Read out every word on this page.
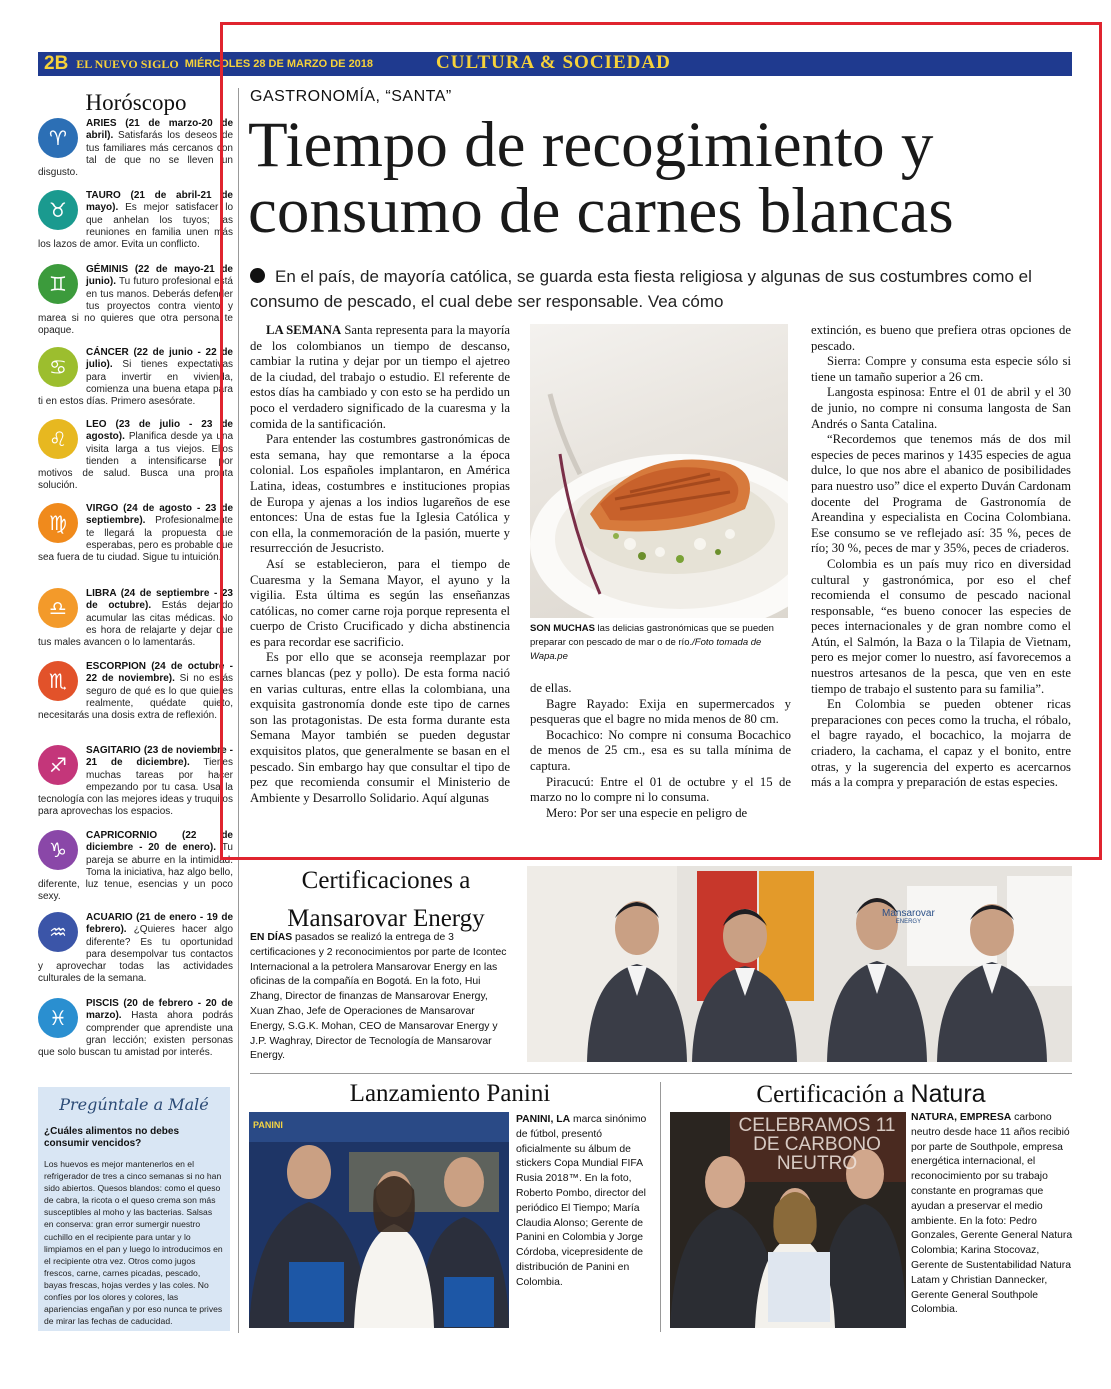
2B EL NUEVO SIGLO MIÉRCOLES 28 DE MARZO DE 2018	CULTURA & SOCIEDAD
Horóscopo
♈
ARIES (21 de marzo-20 de abril). Satisfarás los deseos de tus familiares más cercanos con tal de que no se lleven un disgusto.
♉
TAURO (21 de abril-21 de mayo). Es mejor satisfacer lo que anhelan los tuyos; las reuniones en familia unen más los lazos de amor. Evita un conflicto.
♊
GÉMINIS (22 de mayo-21 de junio). Tu futuro profesional está en tus manos. Deberás defender tus proyectos contra viento y marea si no quieres que otra persona te opaque.
♋
CÁNCER (22 de junio - 22 de julio). Si tienes expectativas para invertir en vivienda, comienza una buena etapa para ti en estos días. Primero asesórate.
♌
LEO (23 de julio - 23 de agosto). Planifica desde ya una visita larga a tus viejos. Ellos tienden a intensificarse por motivos de salud. Busca una pronta solución.
♍
VIRGO (24 de agosto - 23 de septiembre). Profesionalmente te llegará la propuesta que esperabas, pero es probable que sea fuera de tu ciudad. Sigue tu intuición.
♎
LIBRA (24 de septiembre - 23 de octubre). Estás dejando acumular las citas médicas. No es hora de relajarte y dejar que tus males avancen o lo lamentarás.
♏
ESCORPION (24 de octubre - 22 de noviembre). Si no estás seguro de qué es lo que quieres realmente, quédate quieto, necesitarás una dosis extra de reflexión.
♐
SAGITARIO (23 de noviembre - 21 de diciembre). Tienes muchas tareas por hacer empezando por tu casa. Usa la tecnología con las mejores ideas y truquitos para aprovechas los espacios.
♑
CAPRICORNIO (22 de diciembre - 20 de enero). Tu pareja se aburre en la intimidad. Toma la iniciativa, haz algo bello, diferente, luz tenue, esencias y un poco sexy.
♒
ACUARIO (21 de enero - 19 de febrero). ¿Quieres hacer algo diferente? Es tu oportunidad para desempolvar tus contactos y aprovechar todas las actividades culturales de la semana.
♓
PISCIS (20 de febrero - 20 de marzo). Hasta ahora podrás comprender que aprendiste una gran lección; existen personas que solo buscan tu amistad por interés.
Pregúntale a Malé
¿Cuáles alimentos no debes consumir vencidos?
Los huevos es mejor mantenerlos en el refrigerador de tres a cinco semanas si no han sido abiertos. Quesos blandos: como el queso de cabra, la ricota o el queso crema son más susceptibles al moho y las bacterias. Salsas en conserva: gran error sumergir nuestro cuchillo en el recipiente para untar y lo limpiamos en el pan y luego lo introducimos en el recipiente otra vez. Otros como jugos frescos, carne, carnes picadas, pescado, bayas frescas, hojas verdes y las coles. No confíes por los olores y colores, las apariencias engañan y por eso nunca te prives de mirar las fechas de caducidad.
GASTRONOMÍA, “SANTA”
Tiempo de recogimiento y
consumo de carnes blancas
En el país, de mayoría católica, se guarda esta fiesta religiosa y algunas de sus costumbres como el consumo de pescado, el cual debe ser responsable. Vea cómo

LA SEMANA Santa representa para la mayoría de los colombianos un tiempo de descanso, cambiar la rutina y dejar por un tiempo el ajetreo de la ciudad, del trabajo o estudio. El referente de estos días ha cambiado y con esto se ha perdido un poco el verdadero significado de la cuaresma y la comida de la santificación.

Para entender las costumbres gastronómicas de esta semana, hay que remontarse a la época colonial. Los españoles implantaron, en América Latina, ideas, costumbres e instituciones propias de Europa y ajenas a los indios lugareños de ese entonces: Una de estas fue la Iglesia Católica y con ella, la conmemoración de la pasión, muerte y resurrección de Jesucristo.

Así se establecieron, para el tiempo de Cuaresma y la Semana Mayor, el ayuno y la vigilia. Esta última es según las enseñanzas católicas, no comer carne roja porque representa el cuerpo de Cristo Crucificado y dicha abstinencia es para recordar ese sacrificio.

Es por ello que se aconseja reemplazar por carnes blancas (pez y pollo). De esta forma nació en varias culturas, entre ellas la colombiana, una exquisita gastronomía donde este tipo de carnes son las protagonistas. De esta forma durante esta Semana Mayor también se pueden degustar exquisitos platos, que generalmente se basan en el pescado. Sin embargo hay que consultar el tipo de pez que recomienda consumir el Ministerio de Ambiente y Desarrollo Solidario. Aquí algunas

SON MUCHAS las delicias gastronómicas que se pueden preparar con pescado de mar o de río./Foto tomada de Wapa.pe

de ellas.

Bagre Rayado: Exija en supermercados y pesqueras que el bagre no mida menos de 80 cm.

Bocachico: No compre ni consuma Bocachico de menos de 25 cm., esa es su talla mínima de captura.

Piracucú: Entre el 01 de octubre y el 15 de marzo no lo compre ni lo consuma.

Mero: Por ser una especie en peligro de

extinción, es bueno que prefiera otras opciones de pescado.

Sierra: Compre y consuma esta especie sólo si tiene un tamaño superior a 26 cm.

Langosta espinosa: Entre el 01 de abril y el 30 de junio, no compre ni consuma langosta de San Andrés o Santa Catalina.

“Recordemos que tenemos más de dos mil especies de peces marinos y 1435 especies de agua dulce, lo que nos abre el abanico de posibilidades para nuestro uso” dice el experto Duván Cardonam docente del Programa de Gastronomía de Areandina y especialista en Cocina Colombiana. Ese consumo se ve reflejado así: 35 %, peces de río; 30 %, peces de mar y 35%, peces de criaderos.

Colombia es un país muy rico en diversidad cultural y gastronómica, por eso el chef recomienda el consumo de pescado nacional responsable, “es bueno conocer las especies de peces internacionales y de gran nombre como el Atún, el Salmón, la Baza o la Tilapia de Vietnam, pero es mejor comer lo nuestro, así favorecemos a nuestros artesanos de la pesca, que ven en este tiempo de trabajo el sustento para su familia”.

En Colombia se pueden obtener ricas preparaciones con peces como la trucha, el róbalo, el bagre rayado, el bocachico, la mojarra de criadero, la cachama, el capaz y el bonito, entre otras, y la sugerencia del experto es acercarnos más a la compra y preparación de estas especies.

Certificaciones a Mansarovar Energy
EN DÍAS pasados se realizó la entrega de 3 certificaciones y 2 reconocimientos por parte de Icontec Internacional a la petrolera Mansarovar Energy en las oficinas de la compañía en Bogotá. En la foto, Hui Zhang, Director de finanzas de Mansarovar Energy, Xuan Zhao, Jefe de Operaciones de Mansarovar Energy, S.G.K. Mohan, CEO de Mansarovar Energy y J.P. Waghray, Director de Tecnología de Mansarovar Energy.
Mansarovar
ENERGY
Lanzamiento Panini
PANINI	PANINI, LA marca sinónimo de fútbol, presentó oficialmente su álbum de stickers Copa Mundial FIFA Rusia 2018™. En la foto, Roberto Pombo, director del periódico El Tiempo; María Claudia Alonso; Gerente de Panini en Colombia y Jorge Córdoba, vicepresidente de distribución de Panini en Colombia.
Certificación a Natura
CELEBRAMOS 11 DE CARBONO NEUTRO
NATURA, EMPRESA carbono neutro desde hace 11 años recibió por parte de Southpole, empresa energética internacional, el reconocimiento por su trabajo constante en programas que ayudan a preservar el medio ambiente. En la foto: Pedro Gonzales, Gerente General Natura Colombia; Karina Stocovaz, Gerente de Sustentabilidad Natura Latam y Christian Dannecker, Gerente General Southpole Colombia.
